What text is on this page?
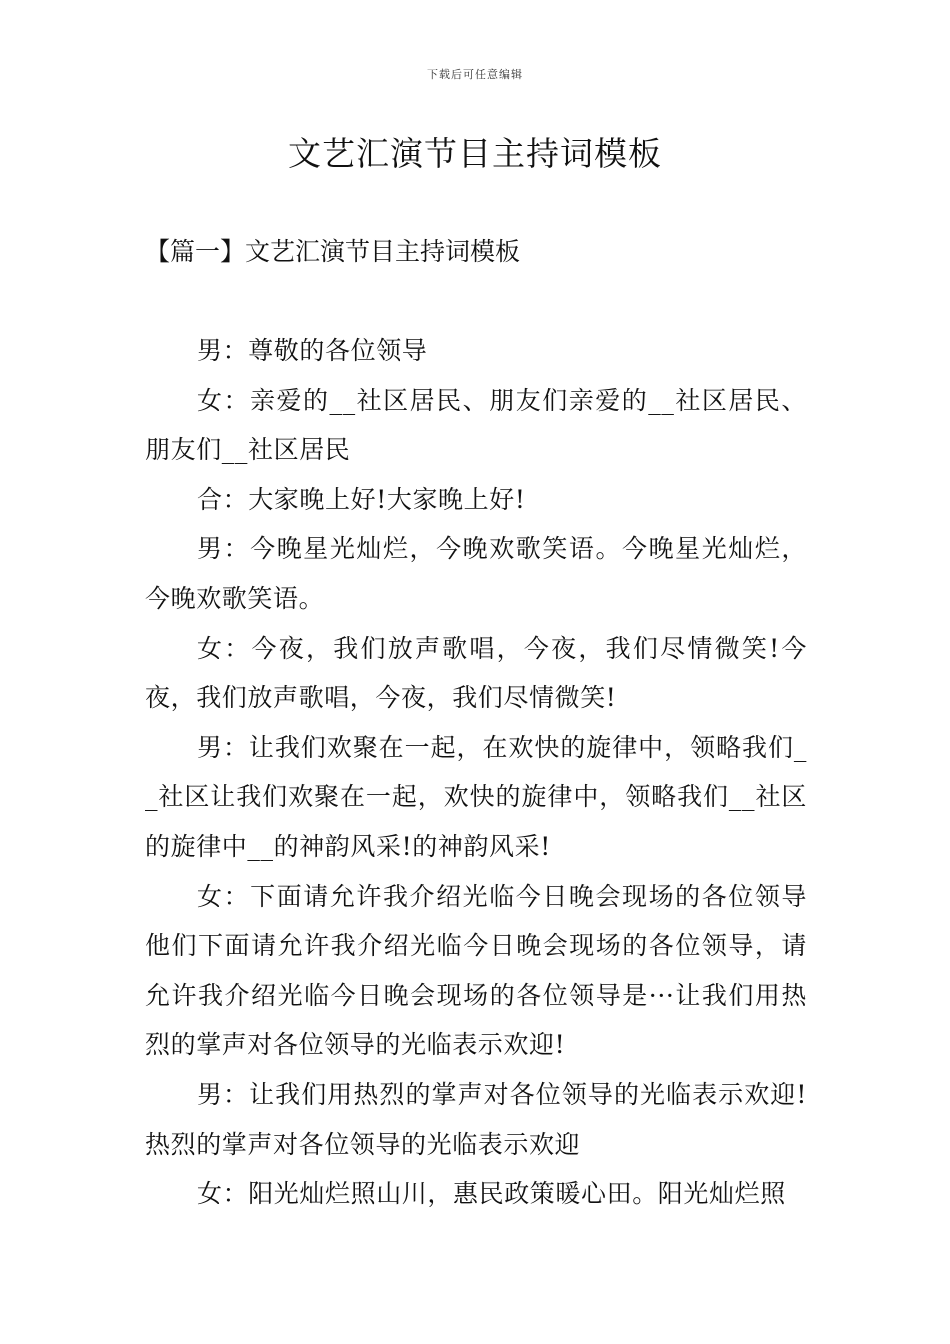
下载后可任意编辑
文艺汇演节目主持词模板
【篇一】文艺汇演节目主持词模板

男：尊敬的各位领导

女：亲爱的__社区居民、朋友们亲爱的__社区居民、朋友们__社区居民

合：大家晚上好!大家晚上好!

男：今晚星光灿烂，今晚欢歌笑语。今晚星光灿烂，今晚欢歌笑语。

女：今夜，我们放声歌唱，今夜，我们尽情微笑!今夜，我们放声歌唱，今夜，我们尽情微笑!

男：让我们欢聚在一起，在欢快的旋律中，领略我们__社区让我们欢聚在一起，欢快的旋律中，领略我们__社区的旋律中__的神韵风采!的神韵风采!

女：下面请允许我介绍光临今日晚会现场的各位领导他们下面请允许我介绍光临今日晚会现场的各位领导，请允许我介绍光临今日晚会现场的各位领导是···让我们用热烈的掌声对各位领导的光临表示欢迎!

男：让我们用热烈的掌声对各位领导的光临表示欢迎!热烈的掌声对各位领导的光临表示欢迎

女：阳光灿烂照山川，惠民政策暖心田。阳光灿烂照
